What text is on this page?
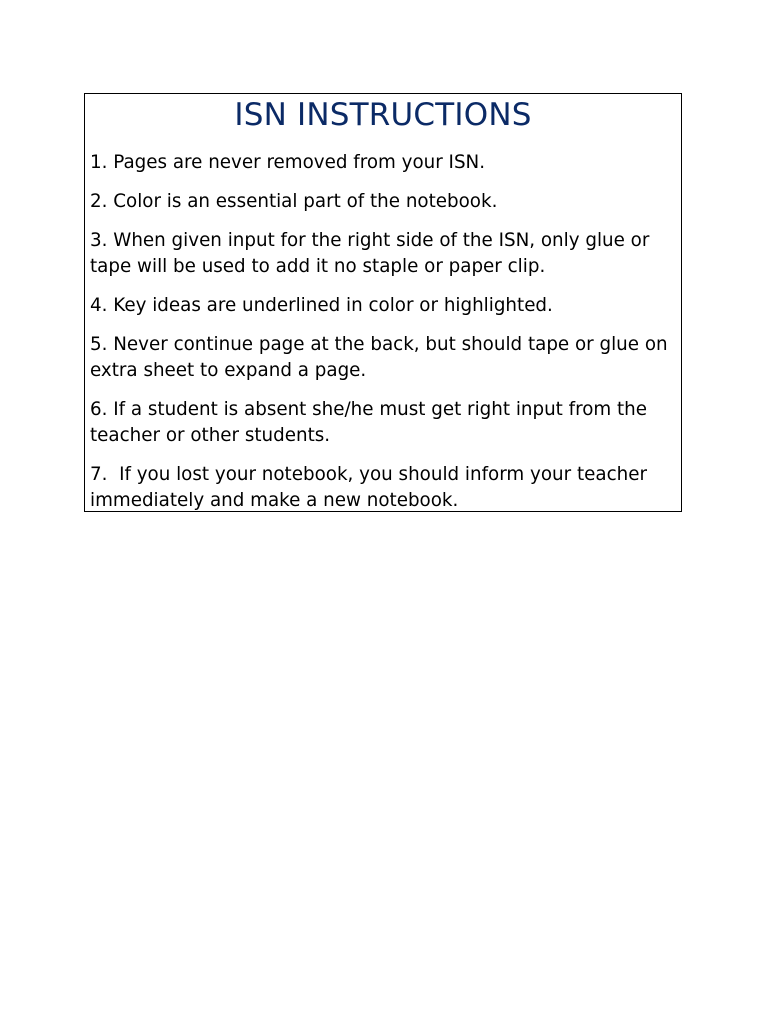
ISN INSTRUCTIONS
1. Pages are never removed from your ISN.
2. Color is an essential part of the notebook.
3. When given input for the right side of the ISN, only glue or tape will be used to add it no staple or paper clip.
4. Key ideas are underlined in color or highlighted.
5. Never continue page at the back, but should tape or glue on extra sheet to expand a page.
6. If a student is absent she/he must get right input from the teacher or other students.
7.  If you lost your notebook, you should inform your teacher immediately and make a new notebook.
